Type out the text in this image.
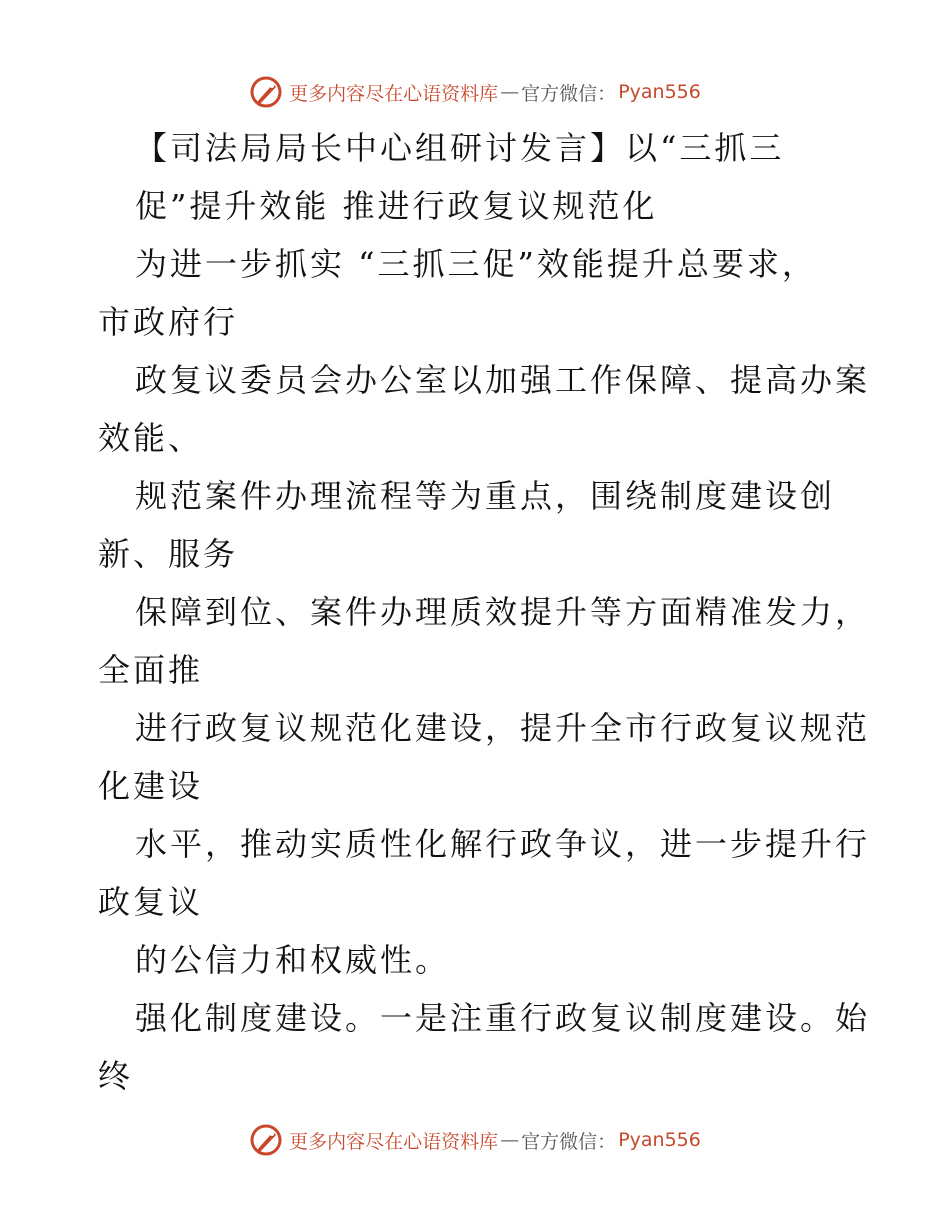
更多内容尽在心语资料库 — 官方微信： Pyan556
【司法局局长中心组研讨发言】以“三抓三
促”提升效能 推进行政复议规范化
为进一步抓实 “三抓三促”效能提升总要求，
市政府行
政复议委员会办公室以加强工作保障、提高办案
效能、
规范案件办理流程等为重点，围绕制度建设创
新、服务
保障到位、案件办理质效提升等方面精准发力，
全面推
进行政复议规范化建设，提升全市行政复议规范
化建设
水平，推动实质性化解行政争议，进一步提升行
政复议
的公信力和权威性。
强化制度建设。一是注重行政复议制度建设。始
终
更多内容尽在心语资料库 — 官方微信： Pyan556
